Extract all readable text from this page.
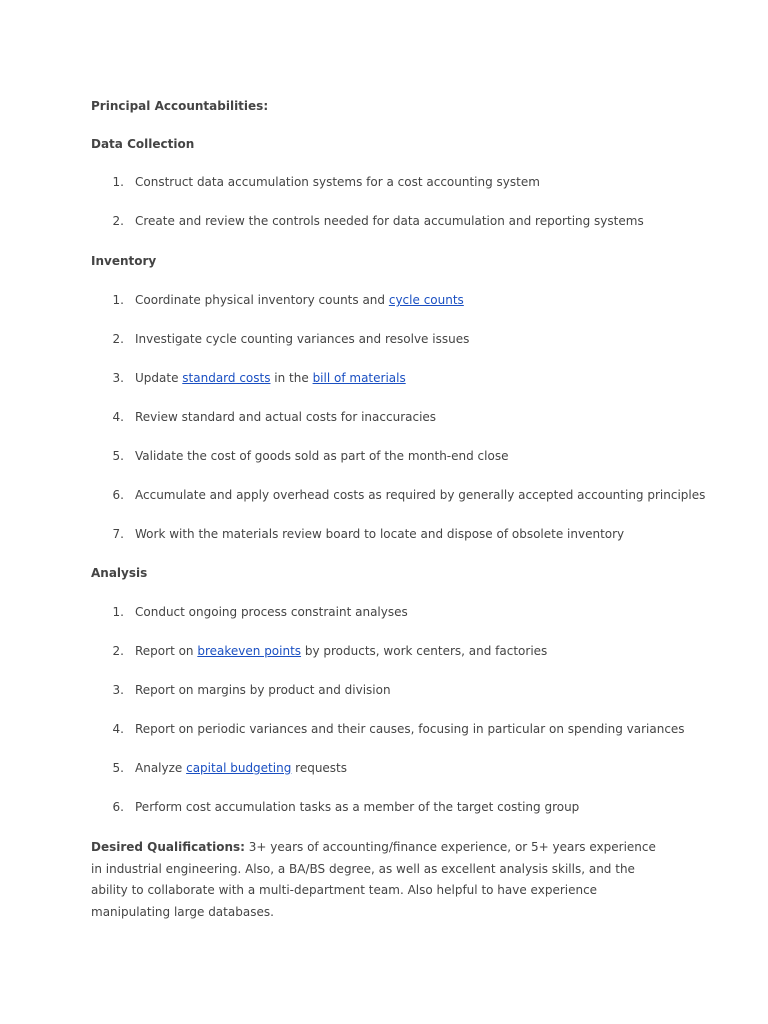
Principal Accountabilities:
Data Collection
1. Construct data accumulation systems for a cost accounting system
2. Create and review the controls needed for data accumulation and reporting systems
Inventory
1. Coordinate physical inventory counts and cycle counts
2. Investigate cycle counting variances and resolve issues
3. Update standard costs in the bill of materials
4. Review standard and actual costs for inaccuracies
5. Validate the cost of goods sold as part of the month-end close
6. Accumulate and apply overhead costs as required by generally accepted accounting principles
7. Work with the materials review board to locate and dispose of obsolete inventory
Analysis
1. Conduct ongoing process constraint analyses
2. Report on breakeven points by products, work centers, and factories
3. Report on margins by product and division
4. Report on periodic variances and their causes, focusing in particular on spending variances
5. Analyze capital budgeting requests
6. Perform cost accumulation tasks as a member of the target costing group
Desired Qualifications: 3+ years of accounting/finance experience, or 5+ years experience in industrial engineering. Also, a BA/BS degree, as well as excellent analysis skills, and the ability to collaborate with a multi-department team. Also helpful to have experience manipulating large databases.
